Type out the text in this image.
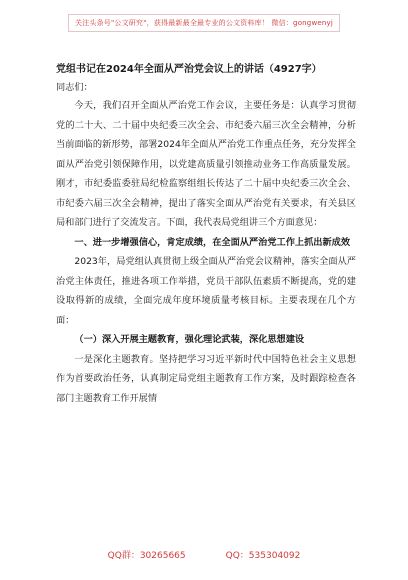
关注头条号"公文研究"，获得最新最全最专业的公文资料库！ 微信：gongwenyj
党组书记在2024年全面从严治党会议上的讲话（4927字）
同志们：

今天，我们召开全面从严治党工作会议，主要任务是：认真学习贯彻党的二十大、二十届中央纪委三次全会、市纪委六届三次全会精神，分析当前面临的新形势，部署2024年全面从严治党工作重点任务，充分发挥全面从严治党引领保障作用，以党建高质量引领推动业务工作高质量发展。刚才，市纪委监委驻局纪检监察组组长传达了二十届中央纪委三次全会、市纪委六届三次全会精神，提出了落实全面从严治党有关要求，有关县区局和部门进行了交流发言。下面，我代表局党组讲三个方面意见：

一、进一步增强信心，肯定成绩，在全面从严治党工作上抓出新成效

2023年，局党组认真贯彻上级全面从严治党会议精神，落实全面从严治党主体责任，推进各项工作举措，党员干部队伍素质不断提高，党的建设取得新的成绩，全面完成年度环境质量考核目标。主要表现在几个方面：

（一）深入开展主题教育，强化理论武装，深化思想建设

一是深化主题教育。坚持把学习习近平新时代中国特色社会主义思想作为首要政治任务，认真制定局党组主题教育工作方案，及时跟踪检查各部门主题教育工作开展情

QQ群：30265665	QQ：535304092
